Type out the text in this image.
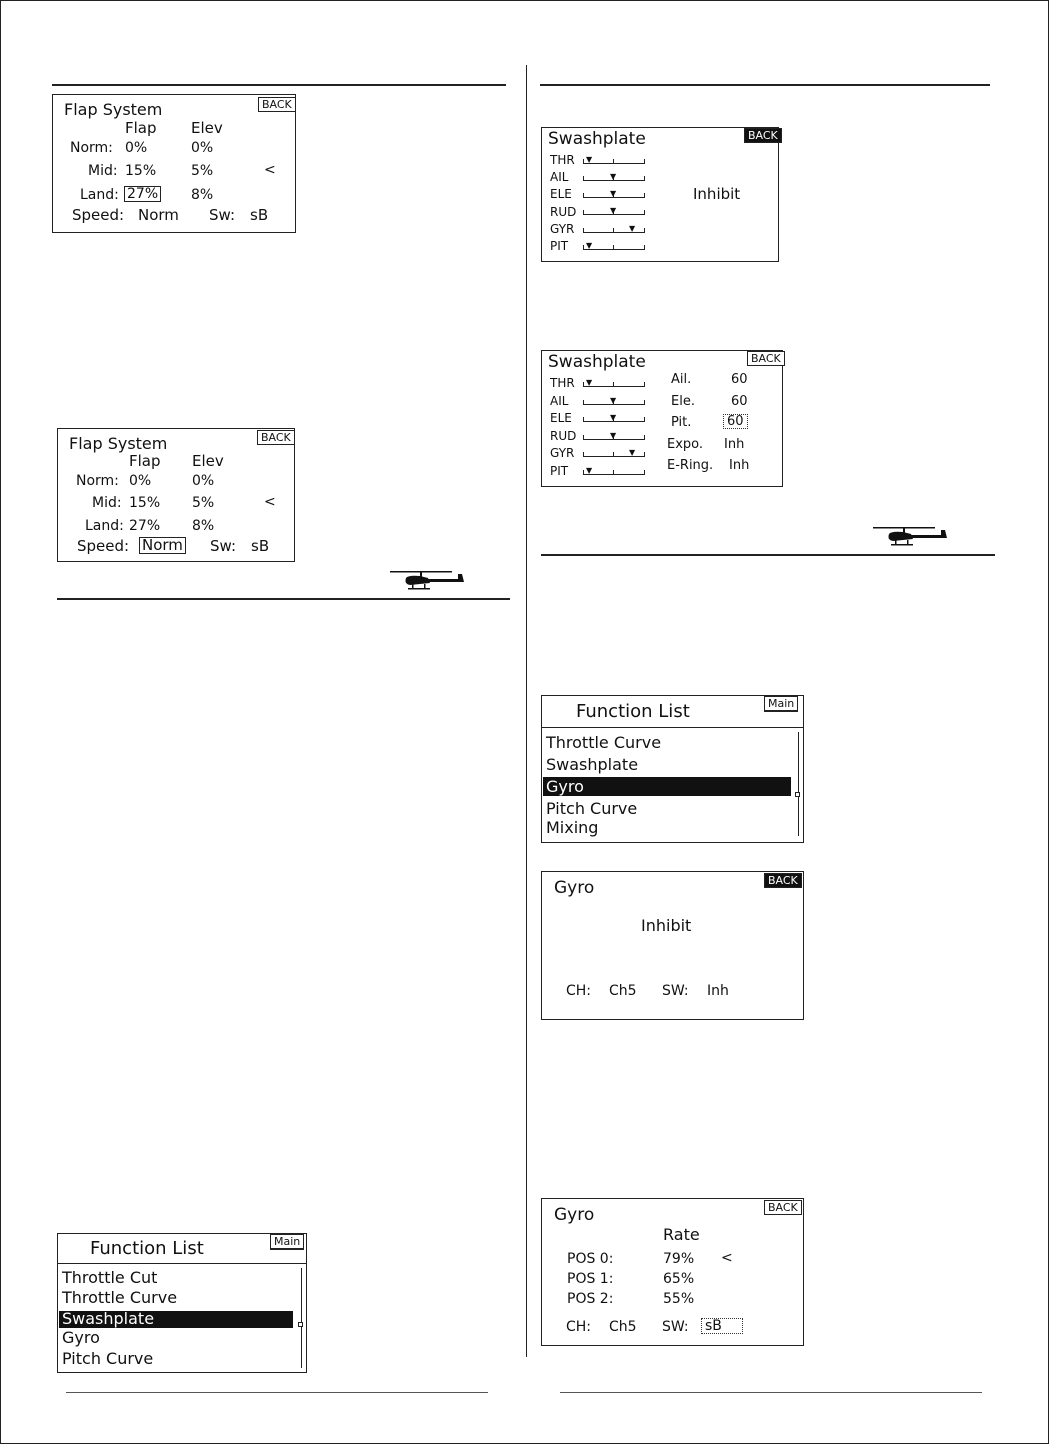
Flap System	BACK
Flap Elev
Norm: 0%	0%
Mid: 15% 5%	<
Land: 27% 8%
Speed: Norm Sw: sB
Flap System	BACK
Flap Elev
Norm: 0%	0%
Mid: 15% 5%	<
Land: 27% 8%
Speed: Norm Sw: sB
Function List	Main
Throttle Cut
Throttle Curve
Swashplate
Gyro
Pitch Curve
Swashplate	BACK
THR
AIL
ELE
RUD
GYR
PIT
▼
▼
▼
▼
▼
▼
Inhibit
Swashplate	BACK
THR
AIL
ELE
RUD
GYR
PIT
▼
▼
▼
▼
▼
▼
Ail.	60
Ele.	60
Pit.	60
Expo. Inh
E-Ring. Inh
Function List	Main
Throttle Curve
Swashplate
Gyro
Pitch Curve
Mixing
Gyro	BACK
Inhibit
CH: Ch5 SW: Inh
Gyro	BACK
Rate
POS 0:	79% <
POS 1:	65%
POS 2:	55%
CH: Ch5 SW: sB
